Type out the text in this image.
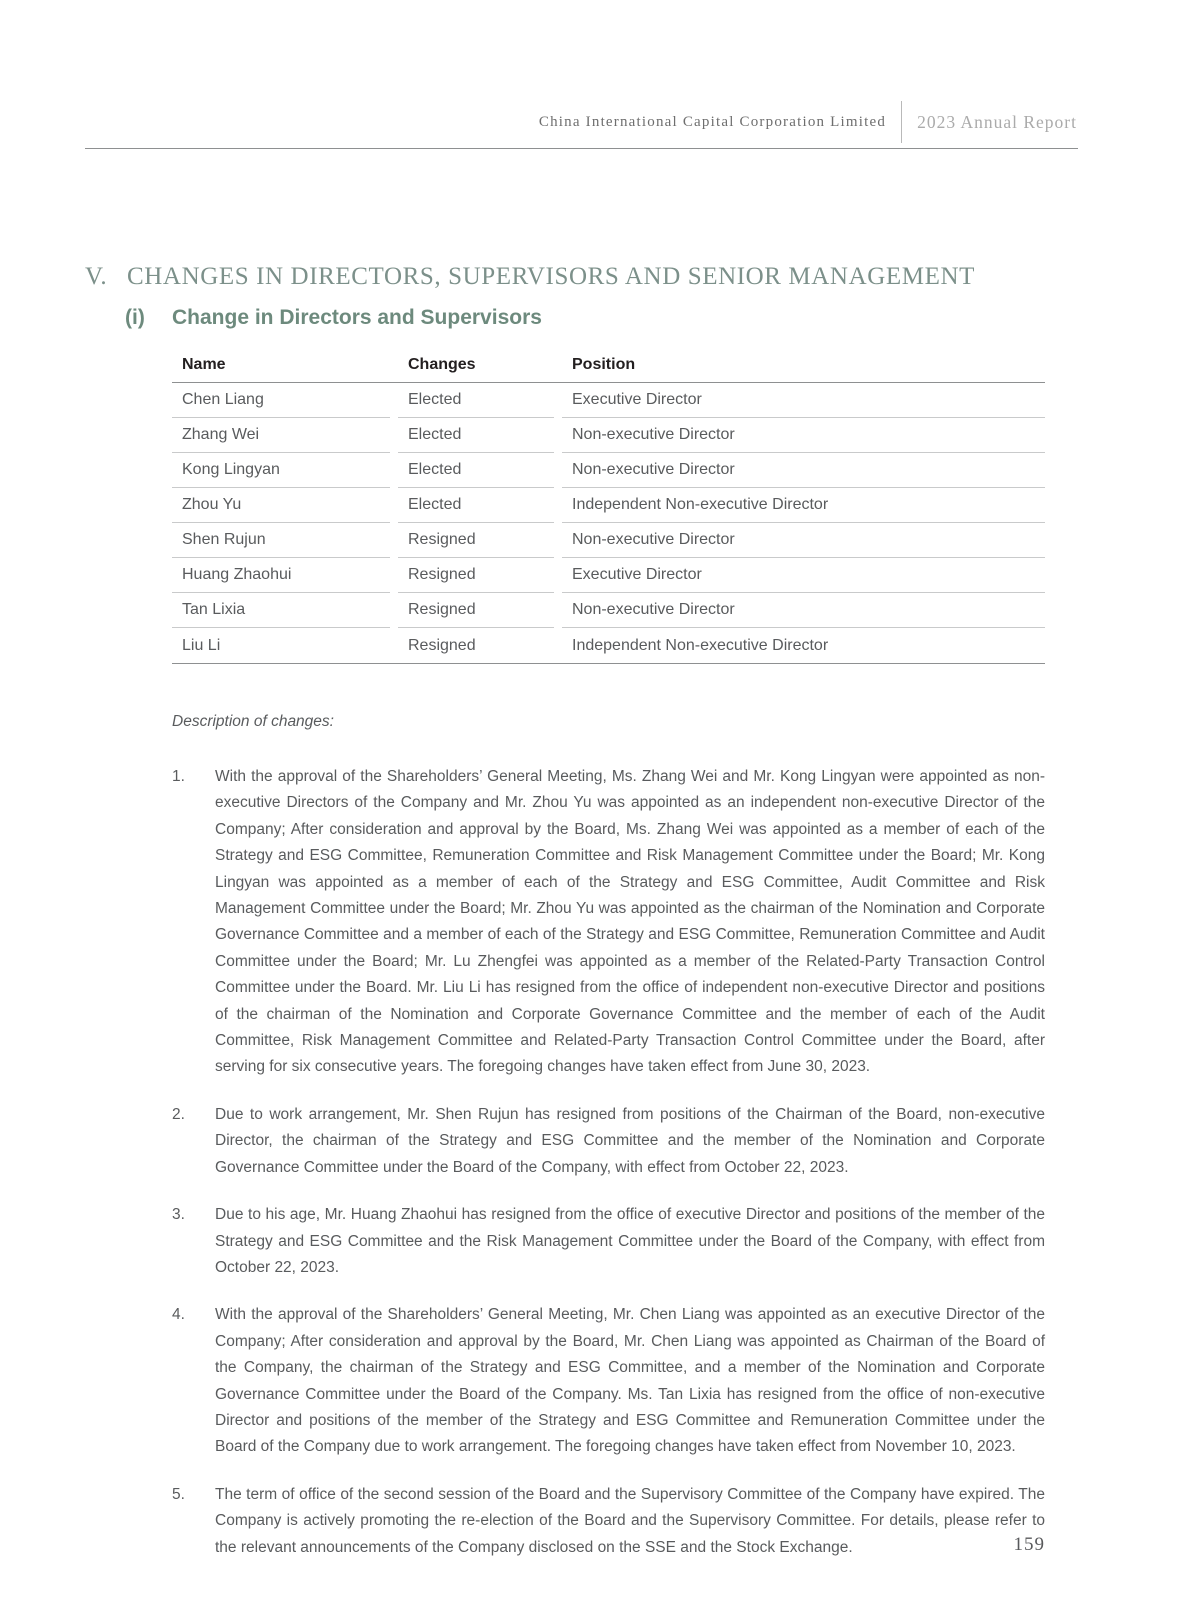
China International Capital Corporation Limited	2023 Annual Report
V. CHANGES IN DIRECTORS, SUPERVISORS AND SENIOR MANAGEMENT
(i)	Change in Directors and Supervisors
Name	Changes	Position
Chen Liang	Elected	Executive Director
Zhang Wei	Elected	Non-executive Director
Kong Lingyan	Elected	Non-executive Director
Zhou Yu	Elected	Independent Non-executive Director
Shen Rujun	Resigned	Non-executive Director
Huang Zhaohui	Resigned	Executive Director
Tan Lixia	Resigned	Non-executive Director
Liu Li	Resigned	Independent Non-executive Director
Description of changes:
1.	With the approval of the Shareholders’ General Meeting, Ms. Zhang Wei and Mr. Kong Lingyan were appointed as non-executive Directors of the Company and Mr. Zhou Yu was appointed as an independent non-executive Director of the Company; After consideration and approval by the Board, Ms. Zhang Wei was appointed as a member of each of the Strategy and ESG Committee, Remuneration Committee and Risk Management Committee under the Board; Mr. Kong Lingyan was appointed as a member of each of the Strategy and ESG Committee, Audit Committee and Risk Management Committee under the Board; Mr. Zhou Yu was appointed as the chairman of the Nomination and Corporate Governance Committee and a member of each of the Strategy and ESG Committee, Remuneration Committee and Audit Committee under the Board; Mr. Lu Zhengfei was appointed as a member of the Related-Party Transaction Control Committee under the Board. Mr. Liu Li has resigned from the office of independent non-executive Director and positions of the chairman of the Nomination and Corporate Governance Committee and the member of each of the Audit Committee, Risk Management Committee and Related-Party Transaction Control Committee under the Board, after serving for six consecutive years. The foregoing changes have taken effect from June 30, 2023.
2.	Due to work arrangement, Mr. Shen Rujun has resigned from positions of the Chairman of the Board, non-executive Director, the chairman of the Strategy and ESG Committee and the member of the Nomination and Corporate Governance Committee under the Board of the Company, with effect from October 22, 2023.
3.	Due to his age, Mr. Huang Zhaohui has resigned from the office of executive Director and positions of the member of the Strategy and ESG Committee and the Risk Management Committee under the Board of the Company, with effect from October 22, 2023.
4.	With the approval of the Shareholders’ General Meeting, Mr. Chen Liang was appointed as an executive Director of the Company; After consideration and approval by the Board, Mr. Chen Liang was appointed as Chairman of the Board of the Company, the chairman of the Strategy and ESG Committee, and a member of the Nomination and Corporate Governance Committee under the Board of the Company. Ms. Tan Lixia has resigned from the office of non-executive Director and positions of the member of the Strategy and ESG Committee and Remuneration Committee under the Board of the Company due to work arrangement. The foregoing changes have taken effect from November 10, 2023.
5.	The term of office of the second session of the Board and the Supervisory Committee of the Company have expired. The Company is actively promoting the re-election of the Board and the Supervisory Committee. For details, please refer to the relevant announcements of the Company disclosed on the SSE and the Stock Exchange.	159
